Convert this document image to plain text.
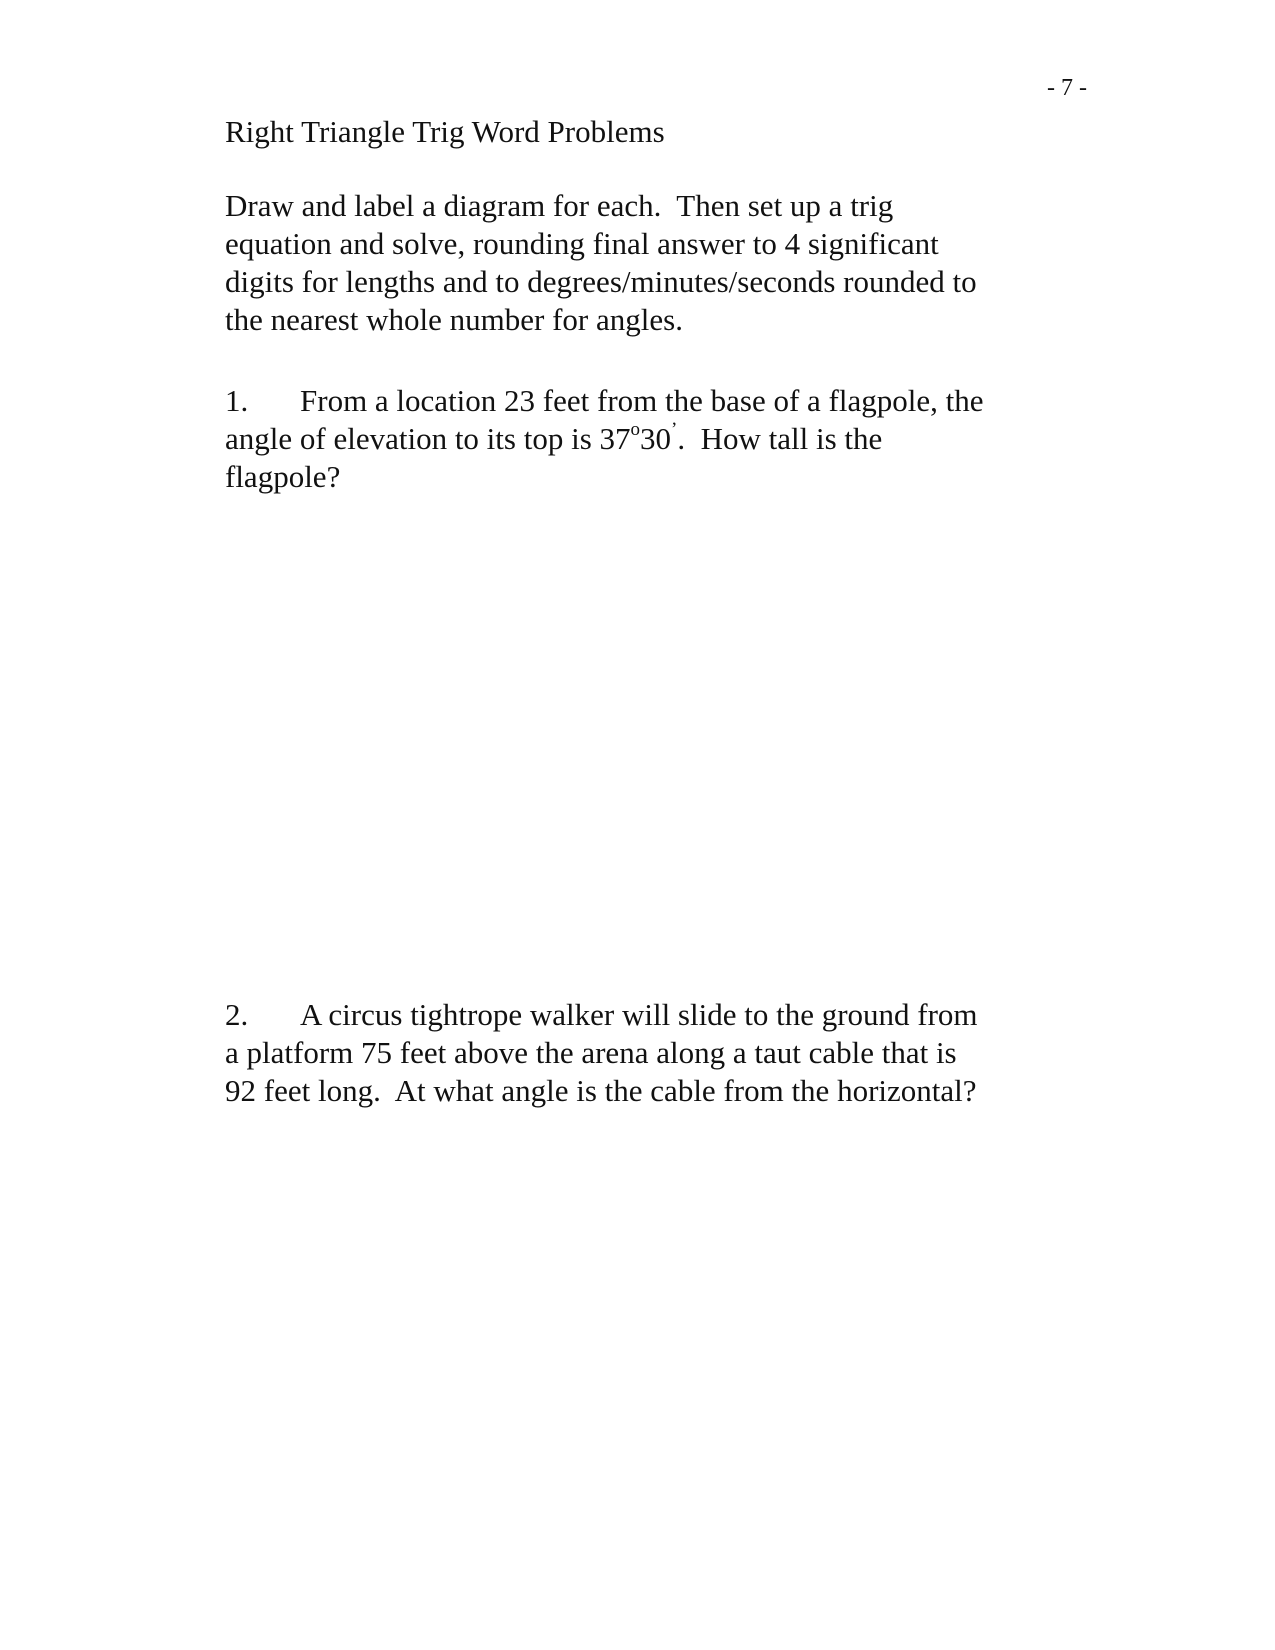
- 7 -
Right Triangle Trig Word Problems

Draw and label a diagram for each.  Then set up a trig

equation and solve, rounding final answer to 4 significant

digits for lengths and to degrees/minutes/seconds rounded to

the nearest whole number for angles.

1. From a location 23 feet from the base of a flagpole, the

angle of elevation to its top is 37$^o$30’.  How tall is the

flagpole?

2. A circus tightrope walker will slide to the ground from

a platform 75 feet above the arena along a taut cable that is

92 feet long.  At what angle is the cable from the horizontal?
